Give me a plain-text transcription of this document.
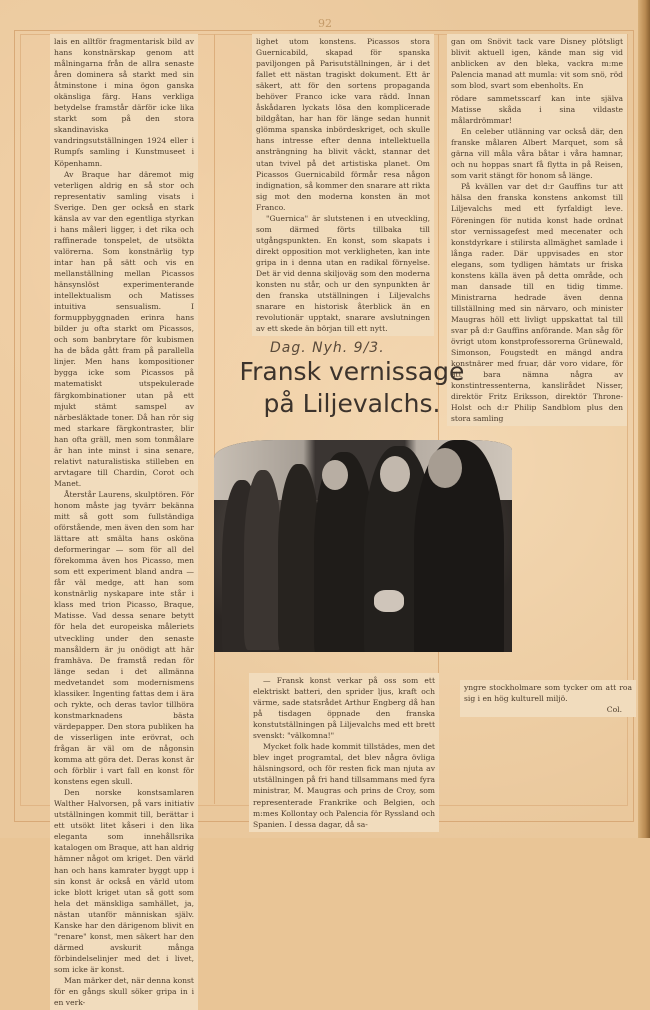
92

lais en alltför fragmentarisk bild av hans konstnärskap genom att målningarna från de allra senaste åren dominera så starkt med sin åtminstone i mina ögon ganska okänsliga färg. Hans verkliga betydelse framstår därför icke lika starkt som på den stora skandinaviska vandringsutställningen 1924 eller i Rumpfs samling i Kunstmuseet i Köpenhamn.

Av Braque har däremot mig veterligen aldrig en så stor och representativ samling visats i Sverige. Den ger också en stark känsla av var den egentliga styrkan i hans måleri ligger, i det rika och raffinerade tonspelet, de utsökta valörerna. Som konstnärlig typ intar han på sätt och vis en mellanställning mellan Picassos hänsynslöst experimenterande intellektualism och Matisses intuitiva sensualism. I formuppbyggnaden erinra hans bilder ju ofta starkt om Picassos, och som banbrytare för kubismen ha de båda gått fram på parallella linjer. Men hans kompositioner bygga icke som Picassos på matematiskt utspekulerade färgkombinationer utan på ett mjukt stämt samspel av närbesläktade toner. Då han rör sig med starkare färgkontraster, blir han ofta gräll, men som tonmålare är han inte minst i sina senare, relativt naturalistiska stilleben en arvtagare till Chardin, Corot och Manet.

Återstår Laurens, skulptören. För honom måste jag tyvärr bekänna mitt så gott som fullständiga oförstående, men även den som har lättare att smälta hans osköna deformeringar — som för all del förekomma även hos Picasso, men som ett experiment bland andra — får väl medge, att han som konstnärlig nyskapare inte står i klass med trion Picasso, Braque, Matisse. Vad dessa senare betytt för hela det europeiska måleriets utveckling under den senaste mansåldern är ju onödigt att här framhäva. De framstå redan för länge sedan i det allmänna medvetandet som modernismens klassiker. Ingenting fattas dem i ära och rykte, och deras tavlor tillhöra konstmarknadens bästa värdepapper. Den stora publiken ha de visserligen inte erövrat, och frågan är väl om de någonsin komma att göra det. Deras konst är och förblir i vart fall en konst för konstens egen skull.

Den norske konstsamlaren Walther Halvorsen, på vars initiativ utställningen kommit till, berättar i ett utsökt litet kåseri i den lika eleganta som innehållsrika katalogen om Braque, att han aldrig hämner något om kriget. Den värld han och hans kamrater byggt upp i sin konst är också en värld utom icke blott kriget utan så gott som hela det mänskliga samhället, ja, nästan utanför människan själv. Kanske har den därigenom blivit en "renare" konst, men säkert har den därmed avskurit många förbindelselinjer med det i livet, som icke är konst.

Man märker det, när denna konst för en gångs skull söker gripa in i en verk-

lighet utom konstens. Picassos stora Guernicabild, skapad för spanska paviljongen på Parisutställningen, är i det fallet ett nästan tragiskt dokument. Ett är säkert, att för den sortens propaganda behöver Franco icke vara rädd. Innan åskådaren lyckats lösa den komplicerade bildgåtan, har han för länge sedan hunnit glömma spanska inbördeskriget, och skulle hans intresse efter denna intellektuella ansträngning ha blivit väckt, stannar det utan tvivel på det artistiska planet. Om Picassos Guernicabild förmår resa någon indignation, så kommer den snarare att rikta sig mot den moderna konsten än mot Franco.

"Guernica" är slutstenen i en utveckling, som därmed förts tillbaka till utgångspunkten. En konst, som skapats i direkt opposition mot verkligheten, kan inte gripa in i denna utan en radikal förnyelse. Det är vid denna skiljoväg som den moderna konsten nu står, och ur den synpunkten är den franska utställningen i Liljevalchs snarare en historisk återblick än en revolutionär upptakt, snarare avslutningen av ett skede än början till ett nytt.

gan om Snövit tack vare Disney plötsligt blivit aktuell igen, kände man sig vid anblicken av den bleka, vackra m:me Palencia manad att mumla: vit som snö, röd som blod, svart som ebenholts. En

rödare sammetsscarf kan inte själva Matisse skåda i sina vildaste målardrömmar!

En celeber utlänning var också där, den franske målaren Albert Marquet, som så gärna vill måla våra båtar i våra hamnar, och nu hoppas snart få flytta in på Reisen, som varit stängt för honom så länge.

På kvällen var det d:r Gauffins tur att hälsa den franska konstens ankomst till Liljevalchs med ett fyrfaldigt leve. Föreningen för nutida konst hade ordnat stor vernissagefest med mecenater och konstdyrkare i stilirsta allmäghet samlade i långa rader. Där uppvisades en stor elegans, som tydligen hämtats ur friska konstens källa även på detta område, och man dansade till en tidig timme. Ministrarna hedrade även denna tillställning med sin närvaro, och minister Maugras höll ett livligt uppskattat tal till svar på d:r Gauffins anförande. Man såg för övrigt utom konstprofessorerna Grünewald, Simonson, Fougstedt en mängd andra konstnärer med fruar, där voro vidare, för att bara nämna några av konstintressenterna, kanslirådet Nisser, direktör Fritz Eriksson, direktör Throne-Holst och d:r Philip Sandblom plus den stora samling

Dag. Nyh. 9/3.
Fransk vernissage
på Liljevalchs.

— Fransk konst verkar på oss som ett elektriskt batteri, den sprider ljus, kraft och värme, sade statsrådet Arthur Engberg då han på tisdagen öppnade den franska konstutställningen på Liljevalchs med ett brett svenskt: "välkomna!"

Mycket folk hade kommit tillstädes, men det blev inget programtal, det blev några övliga hälsningsord, och för resten fick man njuta av utställningen på fri hand tillsammans med fyra ministrar, M. Maugras och prins de Croy, som representerade Frankrike och Belgien, och m:mes Kollontay och Palencia för Ryssland och Spanien. I dessa dagar, då sa-

yngre stockholmare som tycker om att roa sig i en hög kulturell miljö.

Col.
